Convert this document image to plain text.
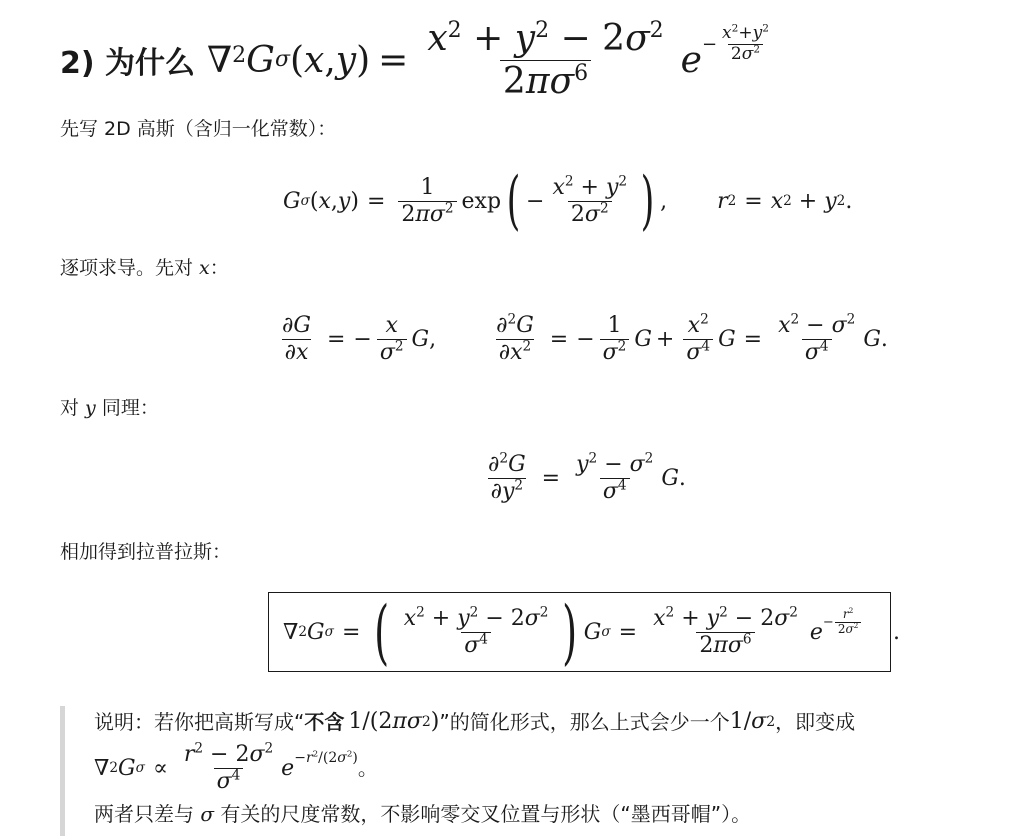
2) 为什么 ∇$^2$ G σ ( x , y ) = $\frac{x^2 + y^2 - 2\sigma^2}{2\pi\sigma^6}$ $e - \frac{x^2+y^2}{2\sigma^2}$
先写 2D 高斯（含归一化常数）：
G σ ( x , y ) = $\frac{1}{2\pi\sigma^2}$ exp ( − $\frac{x^2 + y^2}{2\sigma^2}$ ) , r 2 = x 2 + y 2 .
逐项求导。先对 x：
$\frac{\partial G}{\partial x}$ = − $\frac{x}{\sigma^2}$ G ,	$\frac{\partial^2G}{\partial x^2}$ = − $\frac{1}{\sigma^2}$ $G + \frac{x^2}{\sigma^4}$ $G = \frac{x^2 - \sigma^2}{\sigma^4}$ G .
对 y 同理：
$\frac{\partial^2G}{\partial y^2} = \frac{y^2 - \sigma^2}{\sigma^4}$ G .
相加得到拉普拉斯：
∇ 2 G σ = ( $\frac{x^2 + y^2 - 2\sigma^2}{\sigma^4}$ ) G $\sigma = \frac{x^2 + y^2 - 2\sigma^2}{2\pi\sigma^6}$ $e - \frac{r^2}{2\sigma^2}$ .
说明：若你把高斯写成“ 不含 1/(2 πσ 2 ) ”的简化形式，那么上式会少一个 1/ σ 2 ，即变成
∇ 2 G $\sigma \propto \frac{r^2 - 2\sigma^2}{\sigma^4}$ $e -r^2/(2\sigma^2)$ 。
两者只差与 σ 有关的尺度常数，不影响零交叉位置与形状（“墨西哥帽”）。
